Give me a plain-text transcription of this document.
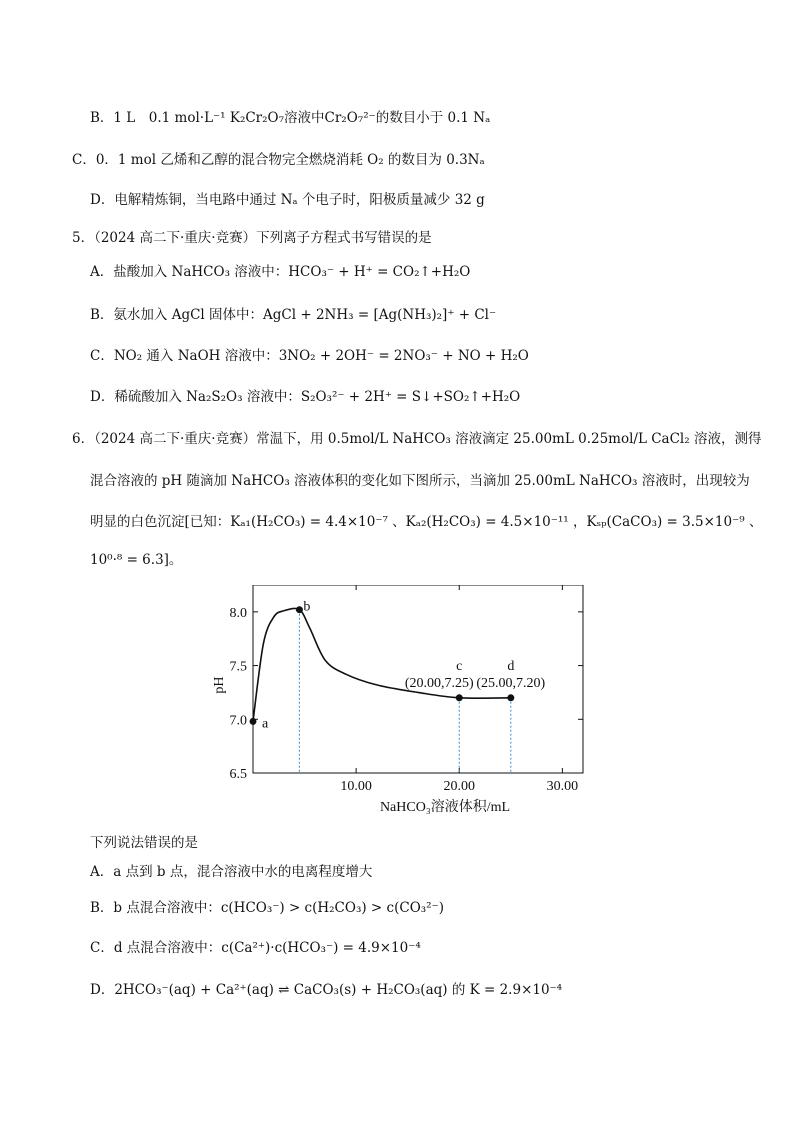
B．1 L　0.1 mol·L⁻¹ K₂Cr₂O₇溶液中Cr₂O₇²⁻的数目小于 0.1 Nₐ
C．0．1 mol 乙烯和乙醇的混合物完全燃烧消耗 O₂ 的数目为 0.3Nₐ
D．电解精炼铜，当电路中通过 Nₐ 个电子时，阳极质量减少 32 g
5．（2024 高二下·重庆·竞赛）下列离子方程式书写错误的是
A．盐酸加入 NaHCO₃ 溶液中：HCO₃⁻ + H⁺ = CO₂↑+H₂O
B．氨水加入 AgCl 固体中：AgCl + 2NH₃ = [Ag(NH₃)₂]⁺ + Cl⁻
C．NO₂ 通入 NaOH 溶液中：3NO₂ + 2OH⁻ = 2NO₃⁻ + NO + H₂O
D．稀硫酸加入 Na₂S₂O₃ 溶液中：S₂O₃²⁻ + 2H⁺ = S↓+SO₂↑+H₂O
6．（2024 高二下·重庆·竞赛）常温下，用 0.5mol/L NaHCO₃ 溶液滴定 25.00mL 0.25mol/L CaCl₂ 溶液，测得
混合溶液的 pH 随滴加 NaHCO₃ 溶液体积的变化如下图所示，当滴加 25.00mL NaHCO₃ 溶液时，出现较为
明显的白色沉淀[已知：Kₐ₁(H₂CO₃) = 4.4×10⁻⁷ 、Kₐ₂(H₂CO₃) = 4.5×10⁻¹¹ ，Kₛₚ(CaCO₃) = 3.5×10⁻⁹ 、
10⁰·⁸ = 6.3]。
pH
NaHCO₃溶液体积/mL
6.5
7.0
7.5
8.0
10.00	20.00	30.00
a
b
c
(20.00,7.25)
d
(25.00,7.20)
下列说法错误的是
A．a 点到 b 点，混合溶液中水的电离程度增大
B．b 点混合溶液中：c(HCO₃⁻) > c(H₂CO₃) > c(CO₃²⁻)
C．d 点混合溶液中：c(Ca²⁺)·c(HCO₃⁻) = 4.9×10⁻⁴
D．2HCO₃⁻(aq) + Ca²⁺(aq) ⇌ CaCO₃(s) + H₂CO₃(aq) 的 K = 2.9×10⁻⁴
